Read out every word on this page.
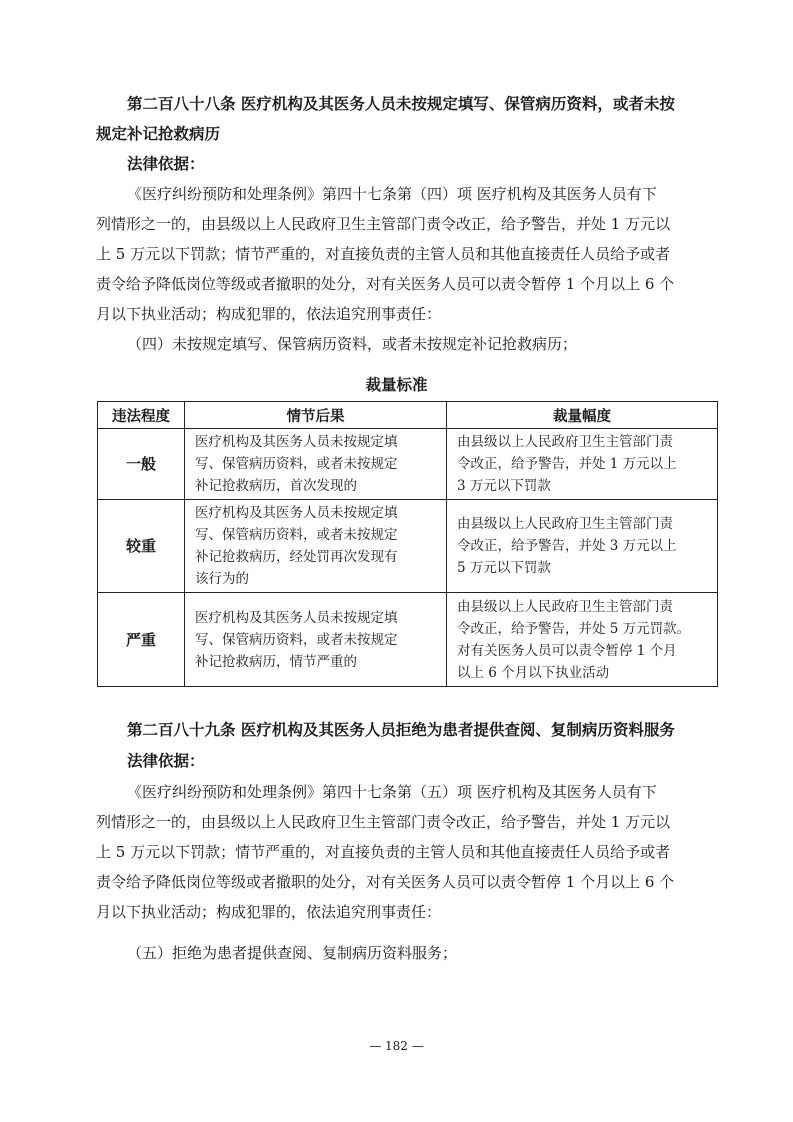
第二百八十八条 医疗机构及其医务人员未按规定填写、保管病历资料，或者未按
规定补记抢救病历

法律依据：

《医疗纠纷预防和处理条例》第四十七条第（四）项 医疗机构及其医务人员有下
列情形之一的，由县级以上人民政府卫生主管部门责令改正，给予警告，并处 1 万元以
上 5 万元以下罚款；情节严重的，对直接负责的主管人员和其他直接责任人员给予或者
责令给予降低岗位等级或者撤职的处分，对有关医务人员可以责令暂停 1 个月以上 6 个
月以下执业活动；构成犯罪的，依法追究刑事责任：

（四）未按规定填写、保管病历资料，或者未按规定补记抢救病历；

裁量标准
违法程度	情节后果	裁量幅度
一般	医疗机构及其医务人员未按规定填
写、保管病历资料，或者未按规定
补记抢救病历，首次发现的	由县级以上人民政府卫生主管部门责
令改正，给予警告，并处 1 万元以上
3 万元以下罚款

较重	医疗机构及其医务人员未按规定填
写、保管病历资料，或者未按规定
补记抢救病历，经处罚再次发现有
该行为的	由县级以上人民政府卫生主管部门责
令改正，给予警告，并处 3 万元以上
5 万元以下罚款

严重	医疗机构及其医务人员未按规定填
写、保管病历资料，或者未按规定
补记抢救病历，情节严重的	由县级以上人民政府卫生主管部门责
令改正，给予警告，并处 5 万元罚款。
对有关医务人员可以责令暂停 1 个月
以上 6 个月以下执业活动
第二百八十九条 医疗机构及其医务人员拒绝为患者提供查阅、复制病历资料服务

法律依据：

《医疗纠纷预防和处理条例》第四十七条第（五）项 医疗机构及其医务人员有下
列情形之一的，由县级以上人民政府卫生主管部门责令改正，给予警告，并处 1 万元以
上 5 万元以下罚款；情节严重的，对直接负责的主管人员和其他直接责任人员给予或者
责令给予降低岗位等级或者撤职的处分，对有关医务人员可以责令暂停 1 个月以上 6 个
月以下执业活动；构成犯罪的，依法追究刑事责任：

（五）拒绝为患者提供查阅、复制病历资料服务；

— 182 —
